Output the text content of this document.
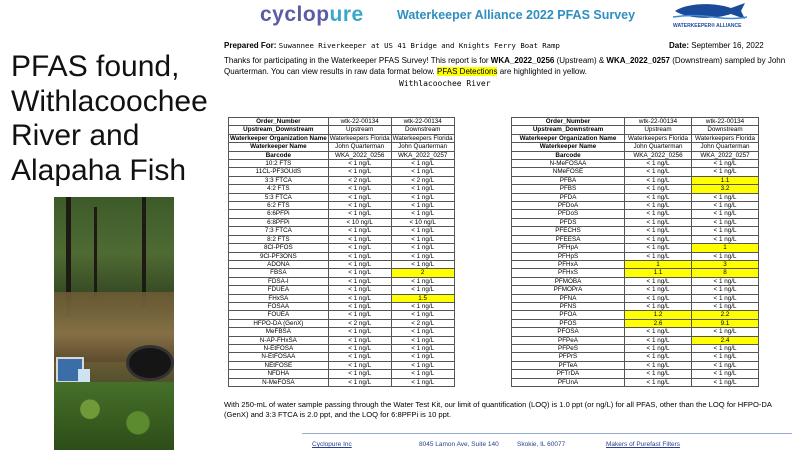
PFAS found, Withlacoochee River and Alapaha Fish
cyclopure	Waterkeeper Alliance 2022 PFAS Survey
WATERKEEPER® ALLIANCE
Prepared For: Suwannee Riverkeeper at US 41 Bridge and Knights Ferry Boat Ramp	Date: September 16, 2022
Thanks for participating in the Waterkeeper PFAS Survey! This report is for WKA_2022_0256 (Upstream) & WKA_2022_0257 (Downstream) sampled by John Quarterman. You can view results in raw data format below. PFAS Detections are highlighted in yellow.
Withlacoochee River
Order_Number	wtk-22-00134	wtk-22-00134
Upstream_Downstream	Upstream	Downstream
Waterkeeper Organization Name	Waterkeepers Florida	Waterkeepers Florida
Waterkeeper Name	John Quarterman	John Quarterman
Barcode	WKA_2022_0256	WKA_2022_0257
10:2 FTS	< 1 ng/L	< 1 ng/L
11CL-PF3OUdS	< 1 ng/L	< 1 ng/L
3:3 FTCA	< 2 ng/L	< 2 ng/L
4:2 FTS	< 1 ng/L	< 1 ng/L
5:3 FTCA	< 1 ng/L	< 1 ng/L
6:2 FTS	< 1 ng/L	< 1 ng/L
6:6PFPi	< 1 ng/L	< 1 ng/L
6:8PFPi	< 10 ng/L	< 10 ng/L
7:3 FTCA	< 1 ng/L	< 1 ng/L
8:2 FTS	< 1 ng/L	< 1 ng/L
8Cl-PFOS	< 1 ng/L	< 1 ng/L
9Cl-PF3ONS	< 1 ng/L	< 1 ng/L
ADONA	< 1 ng/L	< 1 ng/L
FBSA	< 1 ng/L	2
FDSA-I	< 1 ng/L	< 1 ng/L
FDUEA	< 1 ng/L	< 1 ng/L
FHxSA	< 1 ng/L	1.5
FOSAA	< 1 ng/L	< 1 ng/L
FOUEA	< 1 ng/L	< 1 ng/L
HFPO-DA (GenX)	< 2 ng/L	< 2 ng/L
MeFBSA	< 1 ng/L	< 1 ng/L
N-AP-FHxSA	< 1 ng/L	< 1 ng/L
N-EtFOSA	< 1 ng/L	< 1 ng/L
N-EtFOSAA	< 1 ng/L	< 1 ng/L
NEtFOSE	< 1 ng/L	< 1 ng/L
NFDHA	< 1 ng/L	< 1 ng/L
N-MeFOSA	< 1 ng/L	< 1 ng/L
Order_Number	wtk-22-00134	wtk-22-00134
Upstream_Downstream	Upstream	Downstream
Waterkeeper Organization Name	Waterkeepers Florida	Waterkeepers Florida
Waterkeeper Name	John Quarterman	John Quarterman
Barcode	WKA_2022_0256	WKA_2022_0257
N-MeFOSAA	< 1 ng/L	< 1 ng/L
NMeFOSE	< 1 ng/L	< 1 ng/L
PFBA	< 1 ng/L	1.1
PFBS	< 1 ng/L	3.2
PFDA	< 1 ng/L	< 1 ng/L
PFDoA	< 1 ng/L	< 1 ng/L
PFDoS	< 1 ng/L	< 1 ng/L
PFDS	< 1 ng/L	< 1 ng/L
PFECHS	< 1 ng/L	< 1 ng/L
PFEESA	< 1 ng/L	< 1 ng/L
PFHpA	< 1 ng/L	1
PFHpS	< 1 ng/L	< 1 ng/L
PFHxA	1	3
PFHxS	1.1	8
PFMOBA	< 1 ng/L	< 1 ng/L
PFMOPrA	< 1 ng/L	< 1 ng/L
PFNA	< 1 ng/L	< 1 ng/L
PFNS	< 1 ng/L	< 1 ng/L
PFOA	1.2	2.2
PFOS	2.6	9.1
PFOSA	< 1 ng/L	< 1 ng/L
PFPeA	< 1 ng/L	2.4
PFPeS	< 1 ng/L	< 1 ng/L
PFPrS	< 1 ng/L	< 1 ng/L
PFTeA	< 1 ng/L	< 1 ng/L
PFTrDA	< 1 ng/L	< 1 ng/L
PFUnA	< 1 ng/L	< 1 ng/L
With 250-mL of water sample passing through the Water Test Kit, our limit of quantification (LOQ) is 1.0 ppt (or ng/L) for all PFAS, other than the LOQ for HFPO-DA (GenX) and 3:3 FTCA is 2.0 ppt, and the LOQ for 6:8PFPi is 10 ppt.
Cyclopure Inc	8045 Lamon Ave, Suite 140	Skokie, IL 60077	Makers of Purefast Filters
